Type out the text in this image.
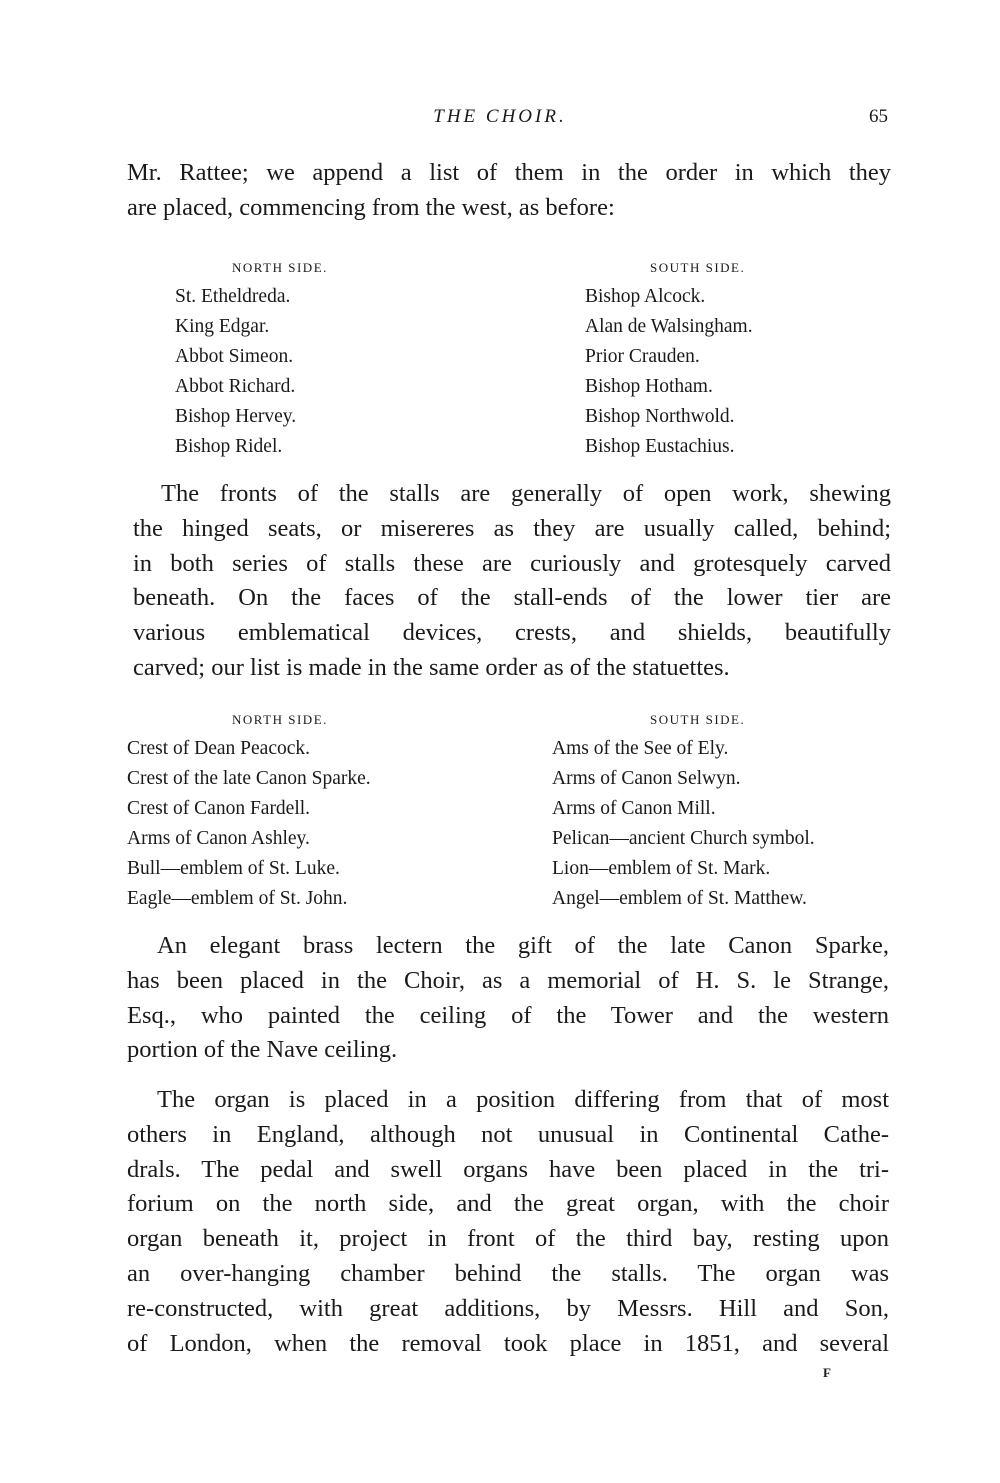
THE CHOIR.	65
Mr. Rattee; we append a list of them in the order in which they
are placed, commencing from the west, as before:
NORTH SIDE.
St. Etheldreda.
King Edgar.
Abbot Simeon.
Abbot Richard.
Bishop Hervey.
Bishop Ridel.
SOUTH SIDE.
Bishop Alcock.
Alan de Walsingham.
Prior Crauden.
Bishop Hotham.
Bishop Northwold.
Bishop Eustachius.
The fronts of the stalls are generally of open work, shewing
the hinged seats, or misereres as they are usually called, behind;
in both series of stalls these are curiously and grotesquely carved
beneath. On the faces of the stall-ends of the lower tier are
various emblematical devices, crests, and shields, beautifully
carved; our list is made in the same order as of the statuettes.
NORTH SIDE.
Crest of Dean Peacock.
Crest of the late Canon Sparke.
Crest of Canon Fardell.
Arms of Canon Ashley.
Bull—emblem of St. Luke.
Eagle—emblem of St. John.
SOUTH SIDE.
Ams of the See of Ely.
Arms of Canon Selwyn.
Arms of Canon Mill.
Pelican—ancient Church symbol.
Lion—emblem of St. Mark.
Angel—emblem of St. Matthew.
An elegant brass lectern the gift of the late Canon Sparke,
has been placed in the Choir, as a memorial of H. S. le Strange,
Esq., who painted the ceiling of the Tower and the western
portion of the Nave ceiling.
The organ is placed in a position differing from that of most
others in England, although not unusual in Continental Cathe-
drals. The pedal and swell organs have been placed in the tri-
forium on the north side, and the great organ, with the choir
organ beneath it, project in front of the third bay, resting upon
an over-hanging chamber behind the stalls. The organ was
re-constructed, with great additions, by Messrs. Hill and Son,
of London, when the removal took place in 1851, and several
F
